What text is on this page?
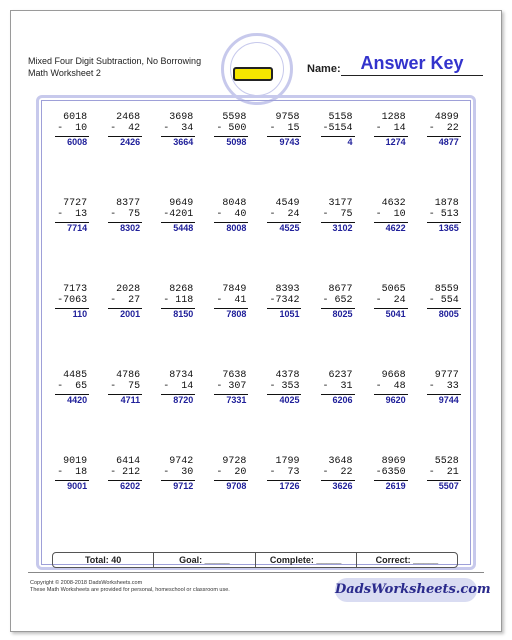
Mixed Four Digit Subtraction, No Borrowing
Math Worksheet 2	Name:	Answer Key
6018
-  10
6008
2468
-  42
2426
3698
-  34
3664
5598
- 500
5098
9758
-  15
9743
5158
-5154
4
1288
-  14
1274
4899
-  22
4877
7727
-  13
7714
8377
-  75
8302
9649
-4201
5448
8048
-  40
8008
4549
-  24
4525
3177
-  75
3102
4632
-  10
4622
1878
- 513
1365
7173
-7063
110
2028
-  27
2001
8268
- 118
8150
7849
-  41
7808
8393
-7342
1051
8677
- 652
8025
5065
-  24
5041
8559
- 554
8005
4485
-  65
4420
4786
-  75
4711
8734
-  14
8720
7638
- 307
7331
4378
- 353
4025
6237
-  31
6206
9668
-  48
9620
9777
-  33
9744
9019
-  18
9001
6414
- 212
6202
9742
-  30
9712
9728
-  20
9708
1799
-  73
1726
3648
-  22
3626
8969
-6350
2619
5528
-  21
5507
Total: 40	Goal: _____	Complete: _____	Correct: _____
Copyright © 2008-2018 DadsWorksheets.com
These Math Worksheets are provided for personal, homeschool or classroom use.	DadsWorksheets.com
